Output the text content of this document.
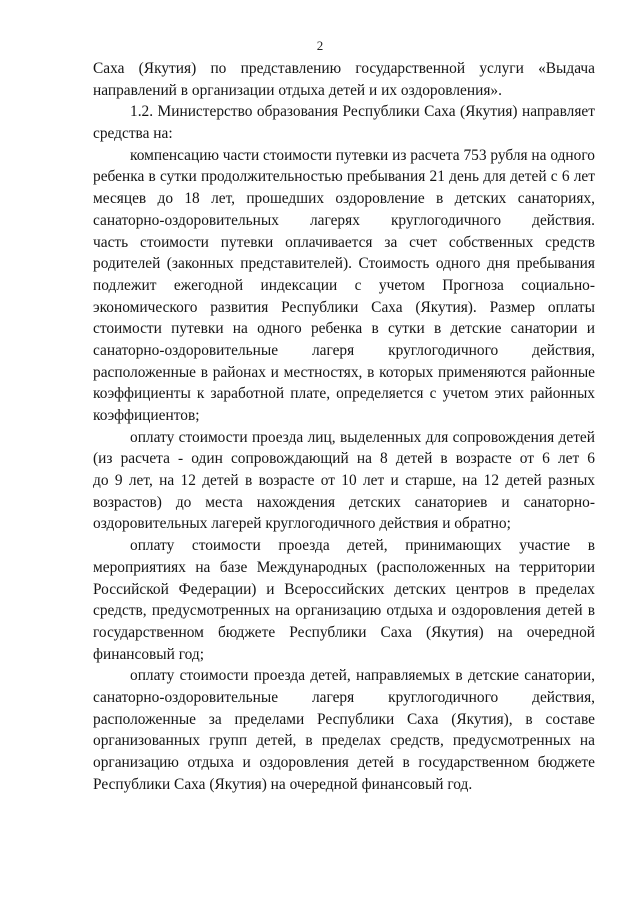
2
Саха (Якутия) по представлению государственной услуги «Выдача
направлений в организации отдыха детей и их оздоровления».
1.2. Министерство образования Республики Саха (Якутия) направляет
средства на:
компенсацию части стоимости путевки из расчета 753 рубля на одного
ребенка в сутки продолжительностью пребывания 21 день для детей с 6 лет
месяцев до 18 лет, прошедших оздоровление в детских санаториях,
санаторно-оздоровительных лагерях круглогодичного действия.
часть стоимости путевки оплачивается за счет собственных средств
родителей (законных представителей). Стоимость одного дня пребывания
подлежит ежегодной индексации с учетом Прогноза социально-
экономического развития Республики Саха (Якутия). Размер оплаты
стоимости путевки на одного ребенка в сутки в детские санатории и
санаторно-оздоровительные лагеря круглогодичного действия,
расположенные в районах и местностях, в которых применяются районные
коэффициенты к заработной плате, определяется с учетом этих районных
коэффициентов;
оплату стоимости проезда лиц, выделенных для сопровождения детей
(из расчета - один сопровождающий на 8 детей в возрасте от 6 лет 6
до 9 лет, на 12 детей в возрасте от 10 лет и старше, на 12 детей разных
возрастов) до места нахождения детских санаториев и санаторно-
оздоровительных лагерей круглогодичного действия и обратно;
оплату стоимости проезда детей, принимающих участие в
мероприятиях на базе Международных (расположенных на территории
Российской Федерации) и Всероссийских детских центров в пределах
средств, предусмотренных на организацию отдыха и оздоровления детей в
государственном бюджете Республики Саха (Якутия) на очередной
финансовый год;
оплату стоимости проезда детей, направляемых в детские санатории,
санаторно-оздоровительные лагеря круглогодичного действия,
расположенные за пределами Республики Саха (Якутия), в составе
организованных групп детей, в пределах средств, предусмотренных на
организацию отдыха и оздоровления детей в государственном бюджете
Республики Саха (Якутия) на очередной финансовый год.
